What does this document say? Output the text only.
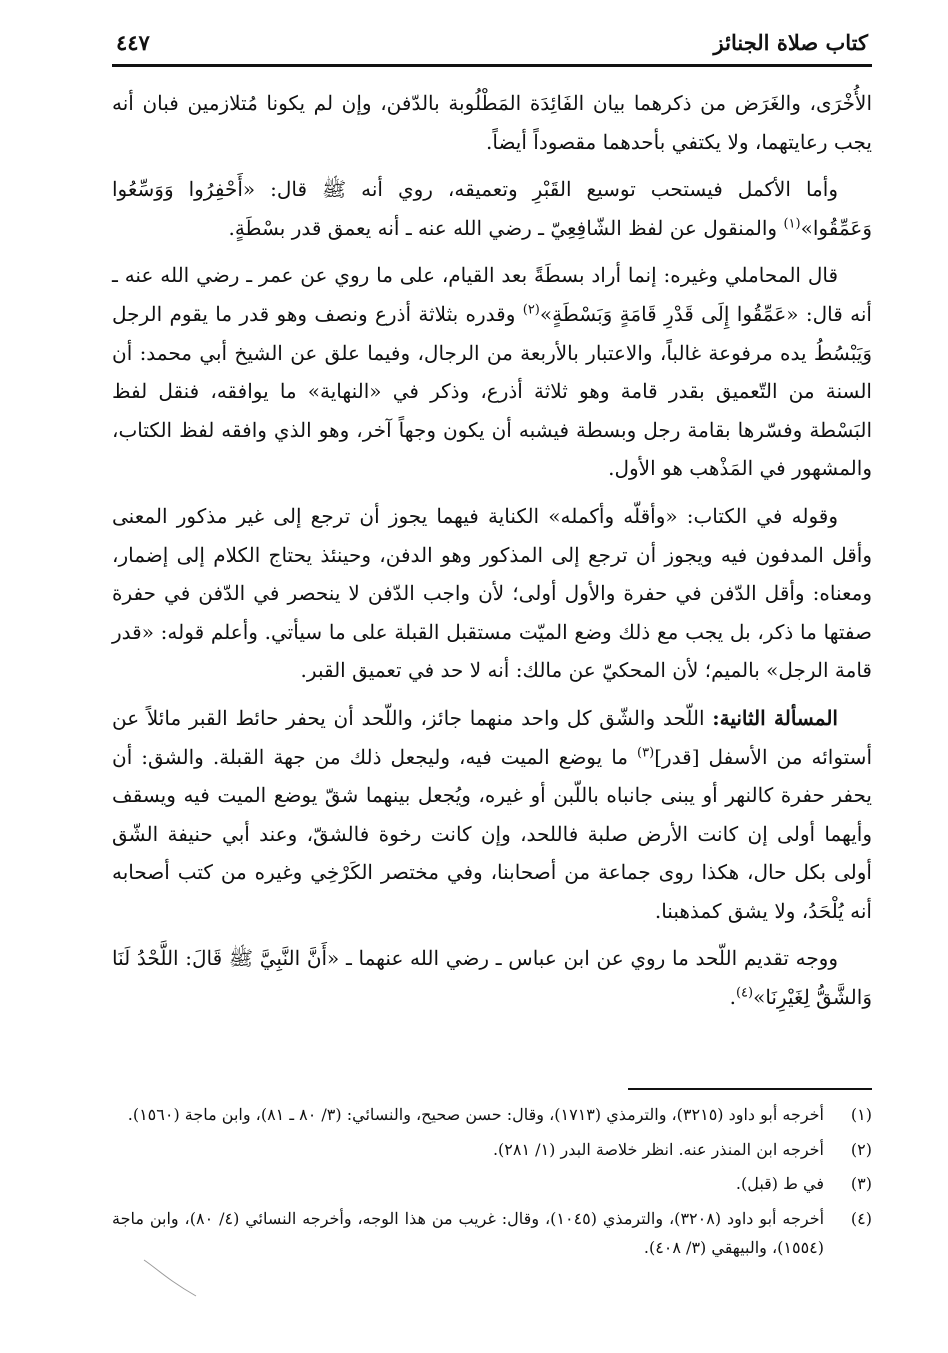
كتاب صلاة الجنائز
٤٤٧

الأُخْرَى، والغَرَض من ذكرهما بيان الفَائِدَة المَطْلُوبة بالدّفن، وإن لم يكونا مُتلازمين فبان أنه يجب رعايتهما، ولا يكتفي بأحدهما مقصوداً أيضاً.

وأما الأكمل فيستحب توسيع القَبْرِ وتعميقه، روي أنه ﷺ قال: «أَحْفِرُوا وَوَسِّعُوا وَعَمِّقُوا»$^{(١)}$ والمنقول عن لفظ الشّافِعِيّ ـ رضي الله عنه ـ أنه يعمق قدر بسْطَةٍ.

قال المحاملي وغيره: إنما أراد بسطَةً بعد القيام، على ما روي عن عمر ـ رضي الله عنه ـ أنه قال: «عَمِّقُوا إِلَى قَدْرِ قَامَةٍ وَبَسْطَةٍ»$^{(٢)}$ وقدره بثلاثة أذرع ونصف وهو قدر ما يقوم الرجل وَيَبْسُطُ يده مرفوعة غالباً، والاعتبار بالأربعة من الرجال، وفيما علق عن الشيخ أبي محمد: أن السنة من التّعميق بقدر قامة وهو ثلاثة أذرع، وذكر في «النهاية» ما يوافقه، فنقل لفظ البَسْطة وفسّرها بقامة رجل وبسطة فيشبه أن يكون وجهاً آخر، وهو الذي وافقه لفظ الكتاب، والمشهور في المَذْهب هو الأول.

وقوله في الكتاب: «وأقلّه وأكمله» الكناية فيهما يجوز أن ترجع إلى غير مذكور المعنى وأقل المدفون فيه ويجوز أن ترجع إلى المذكور وهو الدفن، وحينئذ يحتاج الكلام إلى إضمار، ومعناه: وأقل الدّفن في حفرة والأول أولى؛ لأن واجب الدّفن لا ينحصر في الدّفن في حفرة صفتها ما ذكر، بل يجب مع ذلك وضع الميّت مستقبل القبلة على ما سيأتي. وأعلم قوله: «قدر قامة الرجل» بالميم؛ لأن المحكيّ عن مالك: أنه لا حد في تعميق القبر.

المسألة الثانية: اللّحد والشّق كل واحد منهما جائز، واللّحد أن يحفر حائط القبر مائلاً عن أستوائه من الأسفل [قدر]$^{(٣)}$ ما يوضع الميت فيه، وليجعل ذلك من جهة القبلة. والشق: أن يحفر حفرة كالنهر أو يبنى جانباه باللّبن أو غيره، ويُجعل بينهما شقّ يوضع الميت فيه ويسقف وأيهما أولى إن كانت الأرض صلبة فاللحد، وإن كانت رخوة فالشقّ، وعند أبي حنيفة الشّق أولى بكل حال، هكذا روى جماعة من أصحابنا، وفي مختصر الكَرْخِي وغيره من كتب أصحابه أنه يُلْحَدُ، ولا يشق كمذهبنا.

ووجه تقديم اللّحد ما روي عن ابن عباس ـ رضي الله عنهما ـ «أَنَّ النَّبِيَّ ﷺ قَالَ: اللَّحْدُ لَنَا وَالشَّقُّ لِغَيْرِنَا»$^{(٤)}$.

(١)
أخرجه أبو داود (٣٢١٥)، والترمذي (١٧١٣)، وقال: حسن صحيح، والنسائي: (٣/ ٨٠ ـ ٨١)، وابن ماجة (١٥٦٠).
(٢)
أخرجه ابن المنذر عنه. انظر خلاصة البدر (١/ ٢٨١).
(٣)
في ط (قبل).
(٤)
أخرجه أبو داود (٣٢٠٨)، والترمذي (١٠٤٥)، وقال: غريب من هذا الوجه، وأخرجه النسائي (٤/ ٨٠)، وابن ماجة (١٥٥٤)، والبيهقي (٣/ ٤٠٨).
